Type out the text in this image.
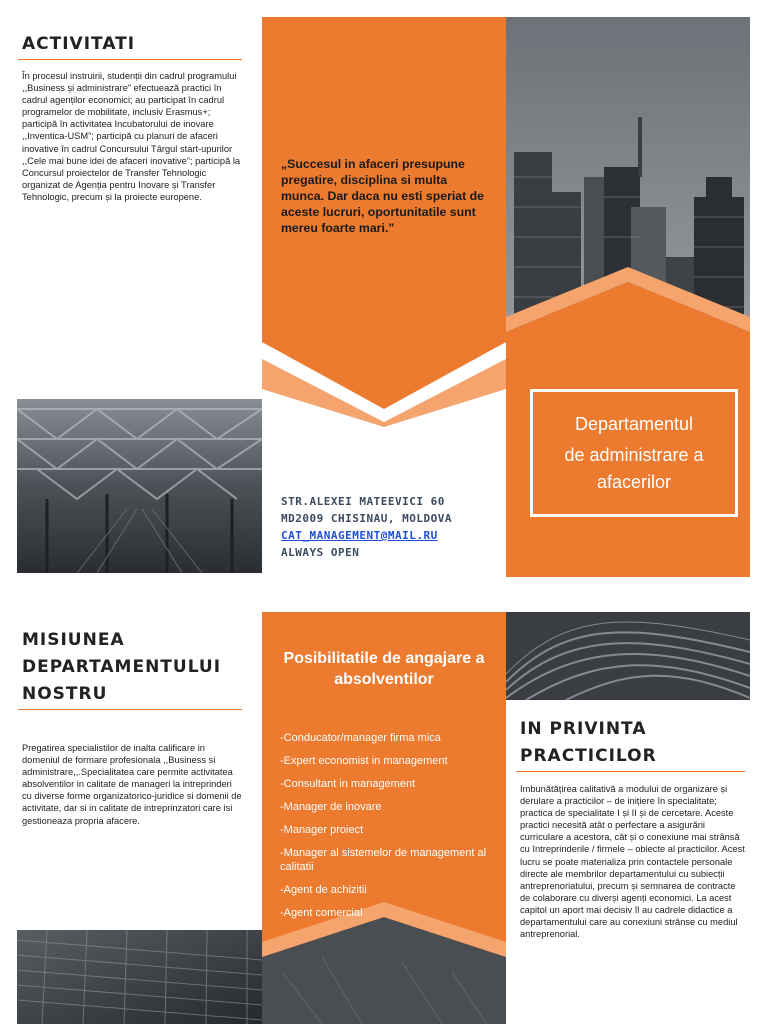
ACTIVITATI
În procesul instruirii, studenții din cadrul programului ,,Business și administrare” efectuează practici în cadrul agenților economici; au participat în cadrul programelor de mobilitate, inclusiv Erasmus+; participă în activitatea Incubatorului de inovare ,,Inventica-USM”; participă cu planuri de afaceri inovative în cadrul Concursului Târgul start-upurilor ,,Cele mai bune idei de afaceri inovative”; participă la Concursul proiectelor de Transfer Tehnologic organizat de Agenția pentru Inovare și Transfer Tehnologic, precum și la proiecte europene.
„Succesul in afaceri presupune pregatire, disciplina si multa munca. Dar daca nu esti speriat de aceste lucruri, oportunitatile sunt mereu foarte mari.”
STR.ALEXEI MATEEVICI 60
MD2009 CHISINAU, MOLDOVA
CAT_MANAGEMENT@MAIL.RU
ALWAYS OPEN
Departamentul
de administrare a
afacerilor
MISIUNEA
DEPARTAMENTULUI
NOSTRU
Pregatirea specialistilor de inalta calificare in domeniul de formare profesionala ,,Business si administrare,,.Specialitatea care permite activitatea absolventilor in calitate de manageri la intreprinderi cu diverse forme organizatorico-juridice si domenii de activitate, dar si in calitate de intreprinzatori care isi gestioneaza propria afacere.
Posibilitatile de angajare a absolventilor
-Conducator/manager firma mica
-Expert economist in management
-Consultant in management
-Manager de inovare
-Manager proiect
-Manager al sistemelor de management al calitatii
-Agent de achizitii
-Agent comercial
IN PRIVINTA
PRACTICILOR
Imbunătățirea calitativă a modului de organizare și derulare a practicilor – de inițiere în specialitate; practica de specialitate I și II și de cercetare. Aceste practici necesită atât o perfectare a asigurării curriculare a acestora, cât și o conexiune mai strânsă cu întreprinderile / firmele – obiecte al practicilor. Acest lucru se poate materializa prin contactele personale directe ale membrilor departamentului cu subiecții antreprenoriatului, precum și semnarea de contracte de colaborare cu diverși agenți economici. La acest capitol un aport mai decisiv îl au cadrele didactice a departamentului care au conexiuni strânse cu mediul antreprenorial.
